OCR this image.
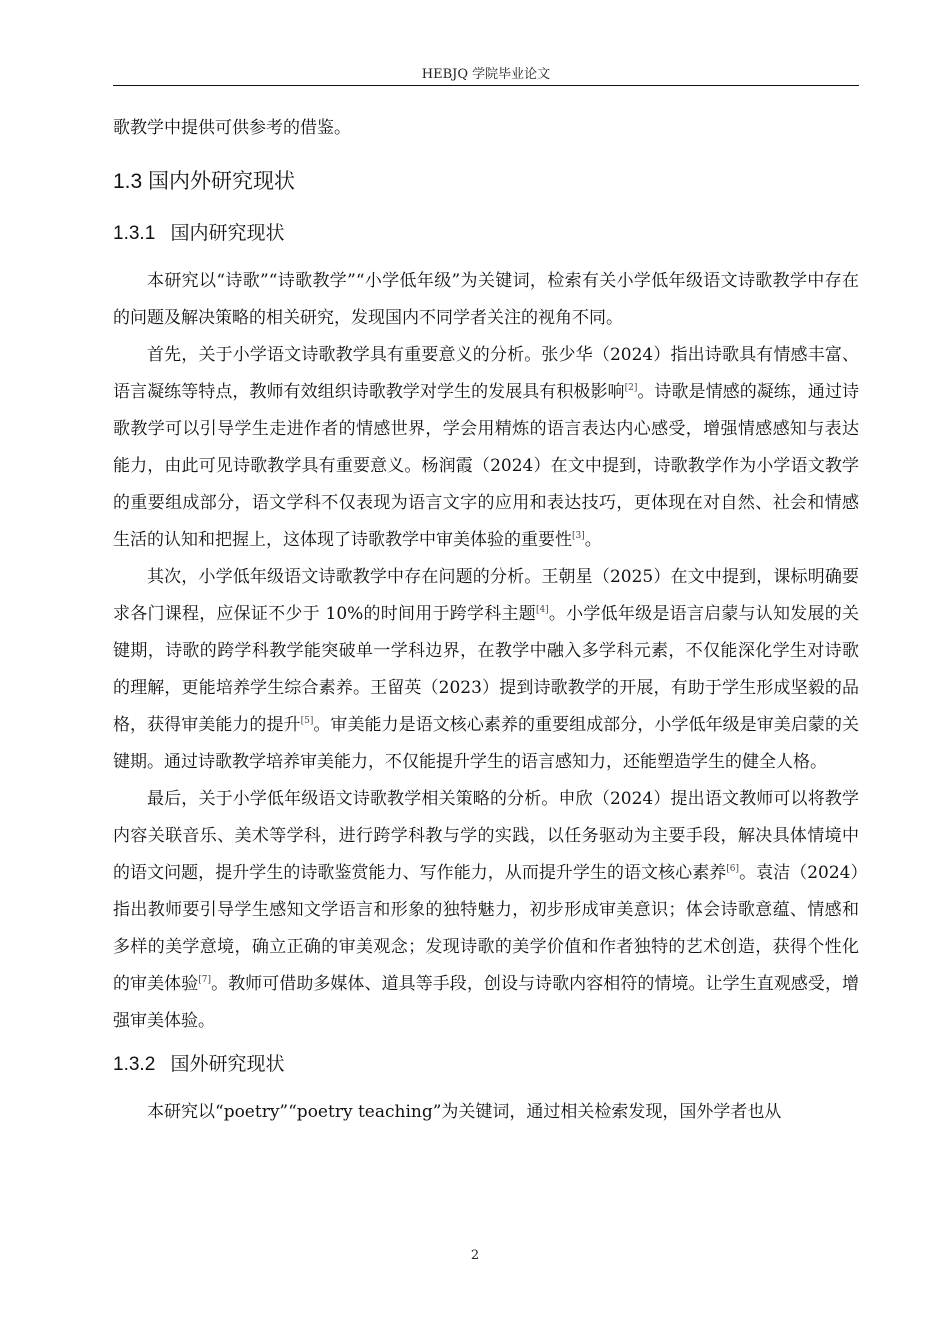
HEBJQ 学院毕业论文

歌教学中提供可供参考的借鉴。

1.3 国内外研究现状
1.3.1 国内研究现状

本研究以“诗歌”“诗歌教学”“小学低年级”为关键词，检索有关小学低年级语文诗歌教学中存在的问题及解决策略的相关研究，发现国内不同学者关注的视角不同。

首先，关于小学语文诗歌教学具有重要意义的分析。张少华（2024）指出诗歌具有情感丰富、语言凝练等特点，教师有效组织诗歌教学对学生的发展具有积极影响[2]。诗歌是情感的凝练，通过诗歌教学可以引导学生走进作者的情感世界，学会用精炼的语言表达内心感受，增强情感感知与表达能力，由此可见诗歌教学具有重要意义。杨润霞（2024）在文中提到，诗歌教学作为小学语文教学的重要组成部分，语文学科不仅表现为语言文字的应用和表达技巧，更体现在对自然、社会和情感生活的认知和把握上，这体现了诗歌教学中审美体验的重要性[3]。

其次，小学低年级语文诗歌教学中存在问题的分析。王朝星（2025）在文中提到，课标明确要求各门课程，应保证不少于 10%的时间用于跨学科主题[4]。小学低年级是语言启蒙与认知发展的关键期，诗歌的跨学科教学能突破单一学科边界，在教学中融入多学科元素，不仅能深化学生对诗歌的理解，更能培养学生综合素养。王留英（2023）提到诗歌教学的开展，有助于学生形成坚毅的品格，获得审美能力的提升[5]。审美能力是语文核心素养的重要组成部分，小学低年级是审美启蒙的关键期。通过诗歌教学培养审美能力，不仅能提升学生的语言感知力，还能塑造学生的健全人格。

最后，关于小学低年级语文诗歌教学相关策略的分析。申欣（2024）提出语文教师可以将教学内容关联音乐、美术等学科，进行跨学科教与学的实践，以任务驱动为主要手段，解决具体情境中的语文问题，提升学生的诗歌鉴赏能力、写作能力，从而提升学生的语文核心素养[6]。袁洁（2024）指出教师要引导学生感知文学语言和形象的独特魅力，初步形成审美意识；体会诗歌意蕴、情感和多样的美学意境，确立正确的审美观念；发现诗歌的美学价值和作者独特的艺术创造，获得个性化的审美体验[7]。教师可借助多媒体、道具等手段，创设与诗歌内容相符的情境。让学生直观感受，增强审美体验。

1.3.2 国外研究现状

本研究以“poetry”“poetry teaching”为关键词，通过相关检索发现，国外学者也从

2
